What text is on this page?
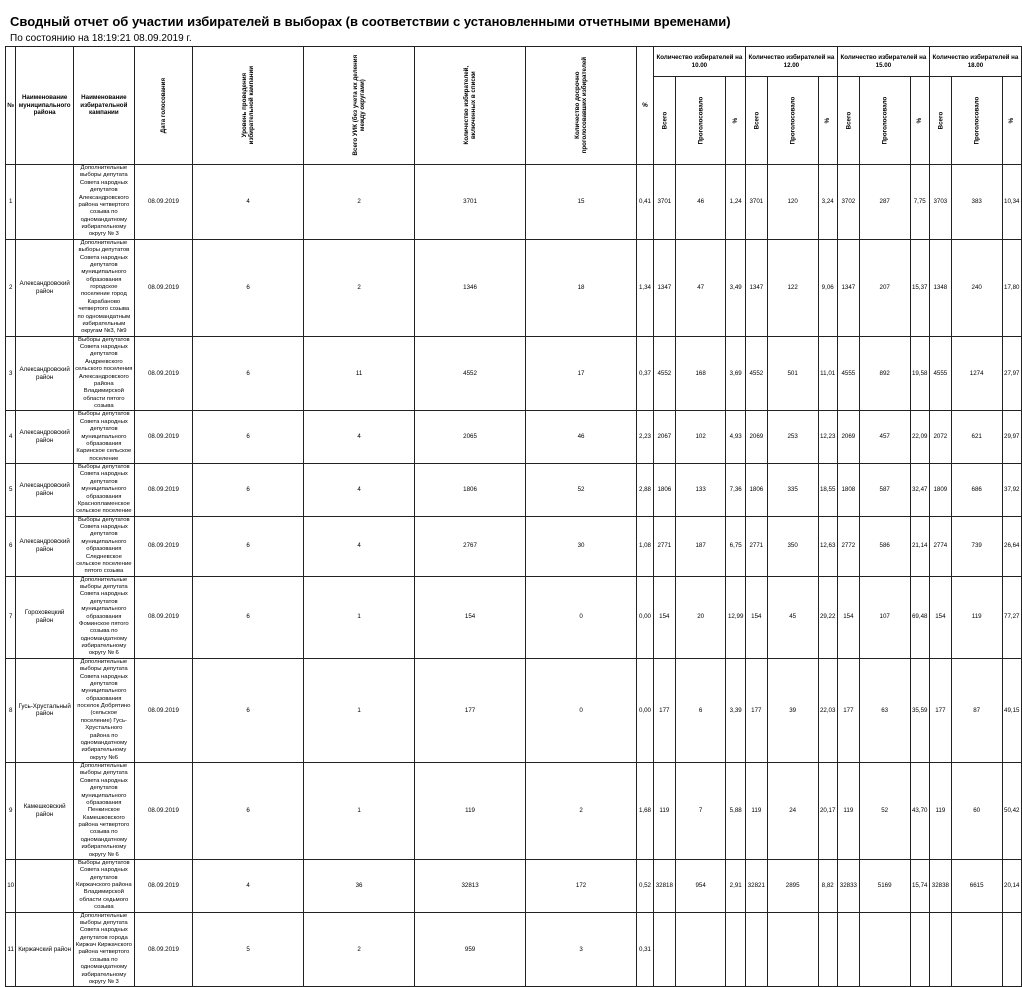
Сводный отчет об участии избирателей в выборах (в соответствии с установленными отчетными временами)
По состоянию на 18:19:21 08.09.2019 г.
№	Наименование муниципального района	Наименование избирательной кампании	Дата голосования	Уровень проведения избирательной кампании	Всего УИК (без учета их деления между округами)	Количество избирателей, включенных в списки	Количество досрочно проголосовавших избирателей	%	Количество избирателей на 10.00			Количество избирателей на 12.00			Количество избирателей на 15.00			Количество избирателей на 18.00		
									Всего	Проголосовало	%	Всего	Проголосовало	%	Всего	Проголосовало	%	Всего	Проголосовало	%
1		Дополнительные выборы депутата Совета народных депутатов Александровского района четвертого созыва по одномандатному избирательному округу № 3	08.09.2019	4	2	3701	15	0,41	3701	46	1,24	3701	120	3,24	3702	287	7,75	3703	383	10,34
2	Александровский район	Дополнительные выборы депутатов Совета народных депутатов муниципального образования городское поселение город Карабаново четвертого созыва по одномандатным избирательным округам №3, №9	08.09.2019	6	2	1346	18	1,34	1347	47	3,49	1347	122	9,06	1347	207	15,37	1348	240	17,80
3	Александровский район	Выборы депутатов Совета народных депутатов Андреевского сельского поселения Александровского района Владимирской области пятого созыва	08.09.2019	6	11	4552	17	0,37	4552	168	3,69	4552	501	11,01	4555	892	19,58	4555	1274	27,97
4	Александровский район	Выборы депутатов Совета народных депутатов муниципального образования Каринское сельское поселение	08.09.2019	6	4	2065	46	2,23	2067	102	4,93	2069	253	12,23	2069	457	22,09	2072	621	29,97
5	Александровский район	Выборы депутатов Совета народных депутатов муниципального образования Краснопламенское сельское поселение	08.09.2019	6	4	1806	52	2,88	1806	133	7,36	1806	335	18,55	1808	587	32,47	1809	686	37,92
6	Александровский район	Выборы депутатов Совета народных депутатов муниципального образования Следневское сельское поселение пятого созыва	08.09.2019	6	4	2767	30	1,08	2771	187	6,75	2771	350	12,63	2772	586	21,14	2774	739	26,64
7	Гороховецкий район	Дополнительные выборы депутата Совета народных депутатов муниципального образования Фоминское пятого созыва по одномандатному избирательному округу № 6	08.09.2019	6	1	154	0	0,00	154	20	12,99	154	45	29,22	154	107	69,48	154	119	77,27
8	Гусь-Хрустальный район	Дополнительные выборы депутата Совета народных депутатов муниципального образования поселок Добрятино (сельское поселение) Гусь-Хрустального района по одномандатному избирательному округу №6	08.09.2019	6	1	177	0	0,00	177	6	3,39	177	39	22,03	177	63	35,59	177	87	49,15
9	Камешковский район	Дополнительные выборы депутата Совета народных депутатов муниципального образования Пенкинское Камешковского района четвертого созыва по одномандатному избирательному округу № 6	08.09.2019	6	1	119	2	1,68	119	7	5,88	119	24	20,17	119	52	43,70	119	60	50,42
10		Выборы депутатов Совета народных депутатов Киржачского района Владимирской области седьмого созыва	08.09.2019	4	36	32813	172	0,52	32818	954	2,91	32821	2895	8,82	32833	5169	15,74	32838	6615	20,14
11	Киржачский район	Дополнительные выборы депутата Совета народных депутатов города Киржач Киржачского района четвертого созыва по одномандатному избирательному округу № 3	08.09.2019	5	2	959	3	0,31												
